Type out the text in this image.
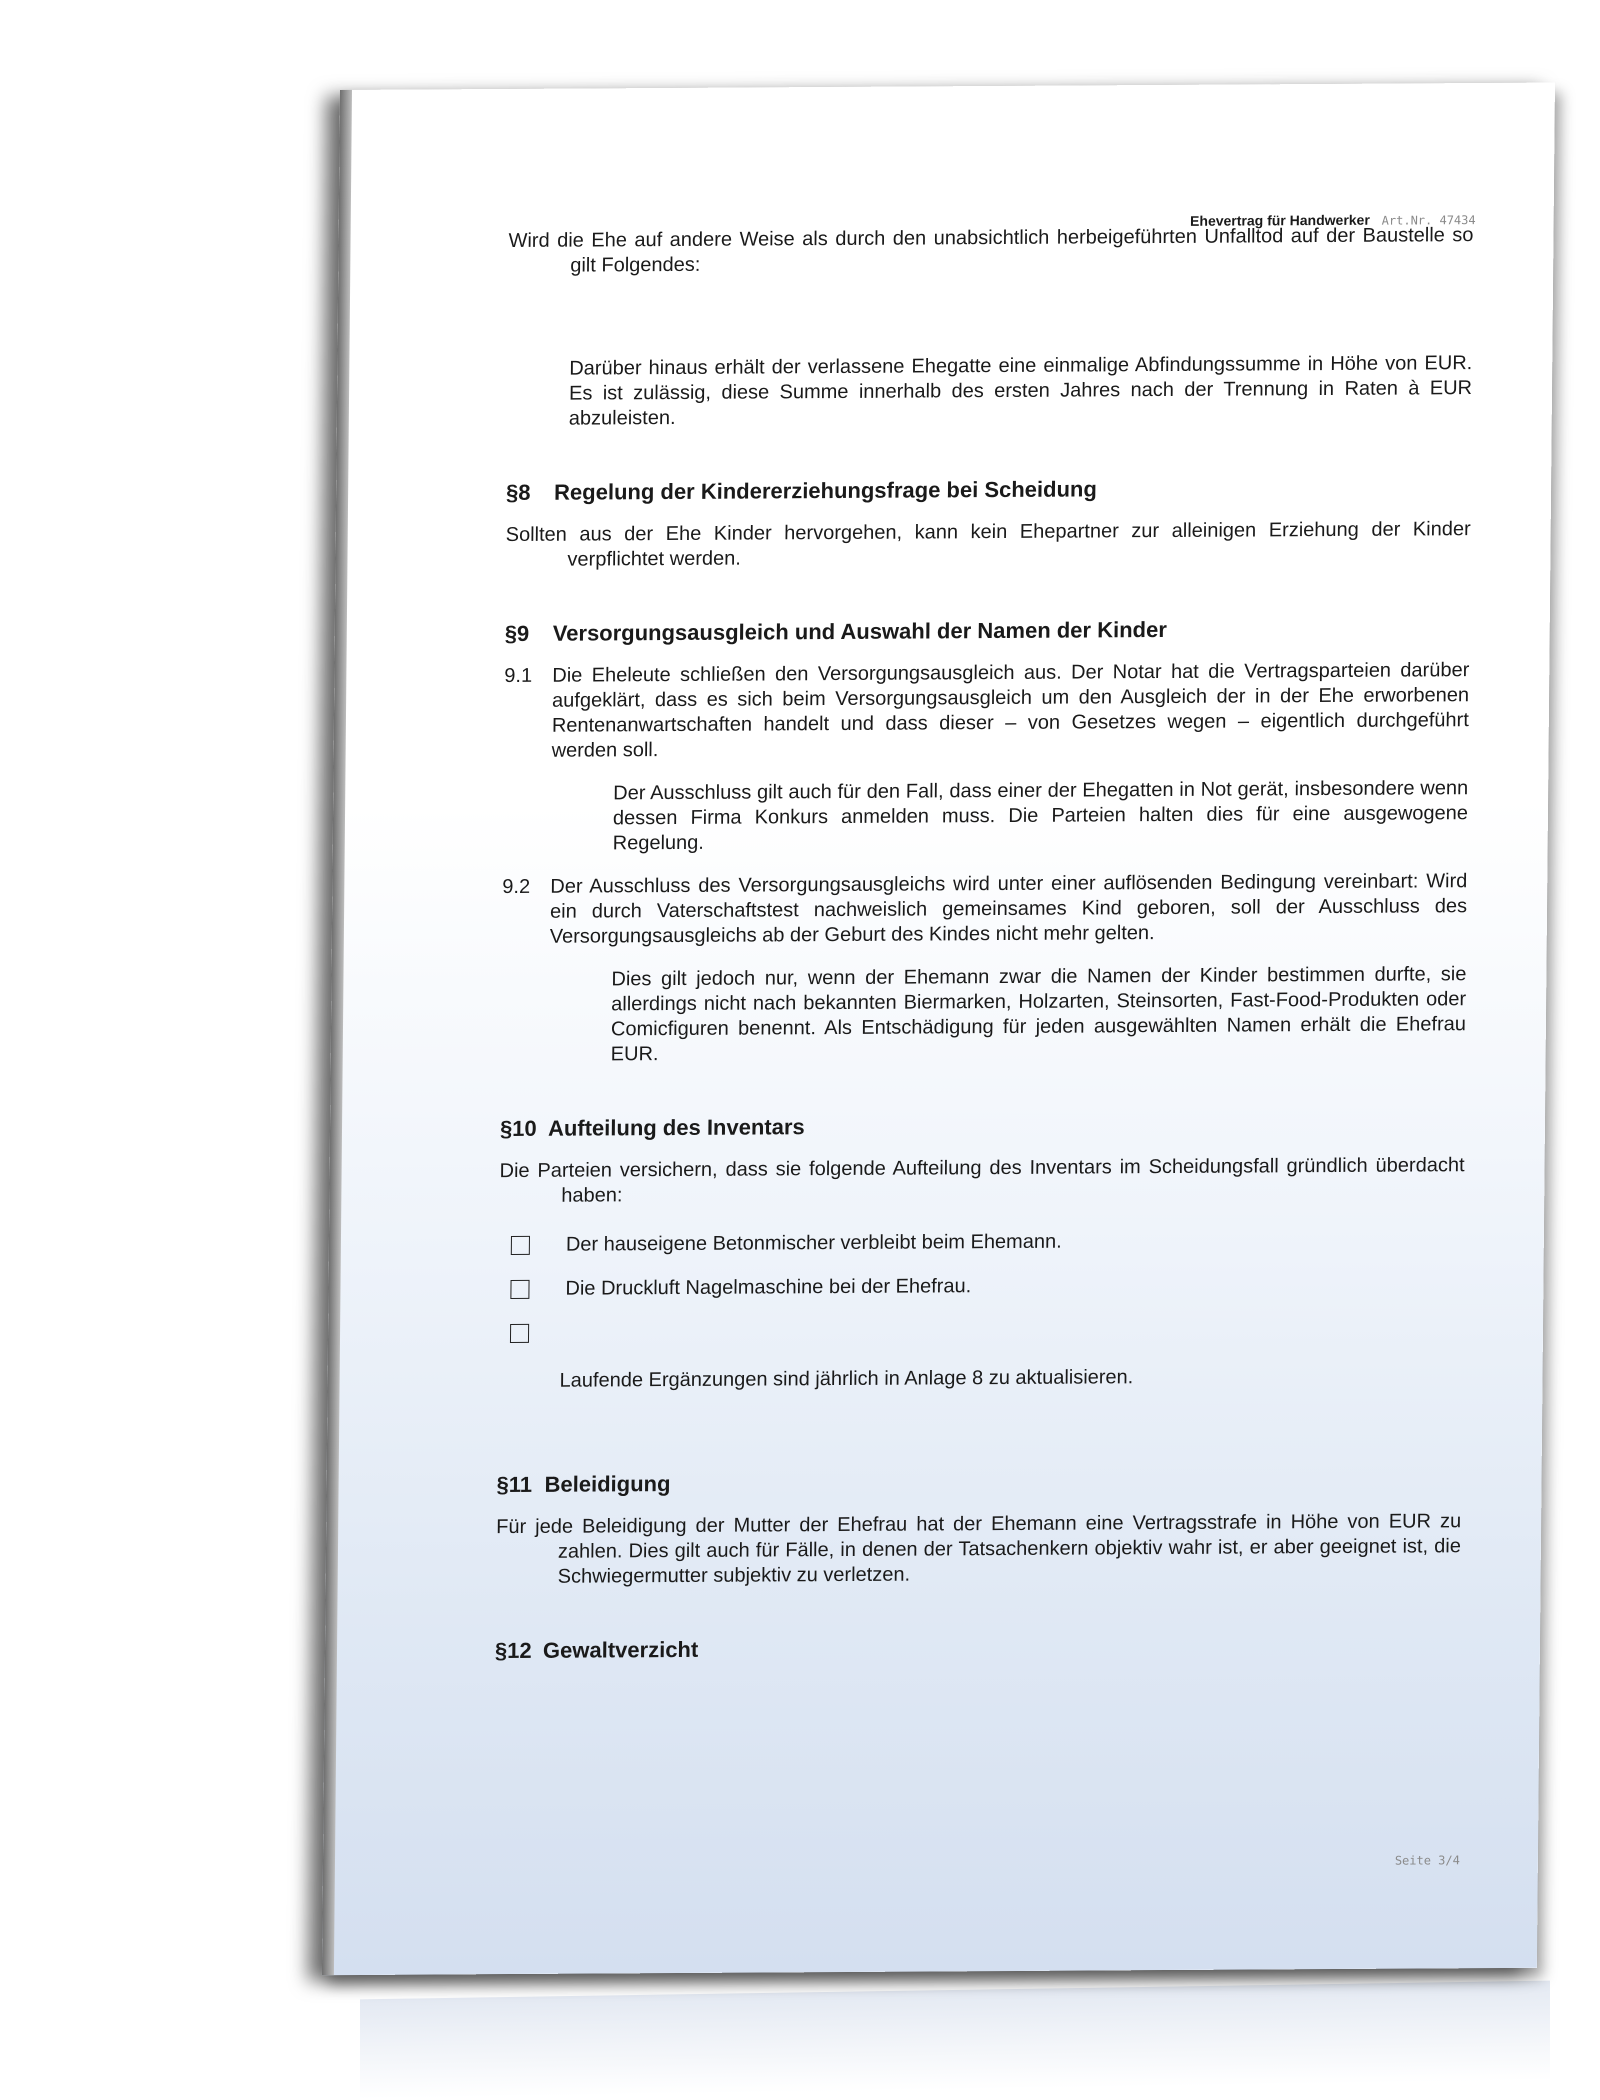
Ehevertrag für Handwerker Art.Nr. 47434

Wird die Ehe auf andere Weise als durch den unabsichtlich herbeigeführten Unfalltod auf der Baustelle so gilt Folgendes:

Darüber hinaus erhält der verlassene Ehegatte eine einmalige Abfindungssumme in Höhe von EUR. Es ist zulässig, diese Summe innerhalb des ersten Jahres nach der Trennung in Raten à EUR abzuleisten.

§8	Regelung der Kindererziehungsfrage bei Scheidung

Sollten aus der Ehe Kinder hervorgehen, kann kein Ehepartner zur alleinigen Erziehung der Kinder verpflichtet werden.

§9	Versorgungsausgleich und Auswahl der Namen der Kinder
9.1 Die Eheleute schließen den Versorgungsausgleich aus. Der Notar hat die Vertragsparteien darüber aufgeklärt, dass es sich beim Versorgungsausgleich um den Ausgleich der in der Ehe erworbenen Rentenanwartschaften handelt und dass dieser – von Gesetzes wegen – eigentlich durchgeführt werden soll.

Der Ausschluss gilt auch für den Fall, dass einer der Ehegatten in Not gerät, insbesondere wenn dessen Firma Konkurs anmelden muss. Die Parteien halten dies für eine ausgewogene Regelung.

9.2 Der Ausschluss des Versorgungsausgleichs wird unter einer auflösenden Bedingung vereinbart: Wird ein durch Vaterschaftstest nachweislich gemeinsames Kind geboren, soll der Ausschluss des Versorgungsausgleichs ab der Geburt des Kindes nicht mehr gelten.

Dies gilt jedoch nur, wenn der Ehemann zwar die Namen der Kinder bestimmen durfte, sie allerdings nicht nach bekannten Biermarken, Holzarten, Steinsorten, Fast-Food-Produkten oder Comicfiguren benennt. Als Entschädigung für jeden ausgewählten Namen erhält die Ehefrau EUR.

§10 Aufteilung des Inventars

Die Parteien versichern, dass sie folgende Aufteilung des Inventars im Scheidungsfall gründlich überdacht haben:

Der hauseigene Betonmischer verbleibt beim Ehemann.
Die Druckluft Nagelmaschine bei der Ehefrau.

Laufende Ergänzungen sind jährlich in Anlage 8 zu aktualisieren.

§11 Beleidigung

Für jede Beleidigung der Mutter der Ehefrau hat der Ehemann eine Vertragsstrafe in Höhe von EUR zu zahlen. Dies gilt auch für Fälle, in denen der Tatsachenkern objektiv wahr ist, er aber geeignet ist, die Schwiegermutter subjektiv zu verletzen.

§12 Gewaltverzicht
Seite 3/4
